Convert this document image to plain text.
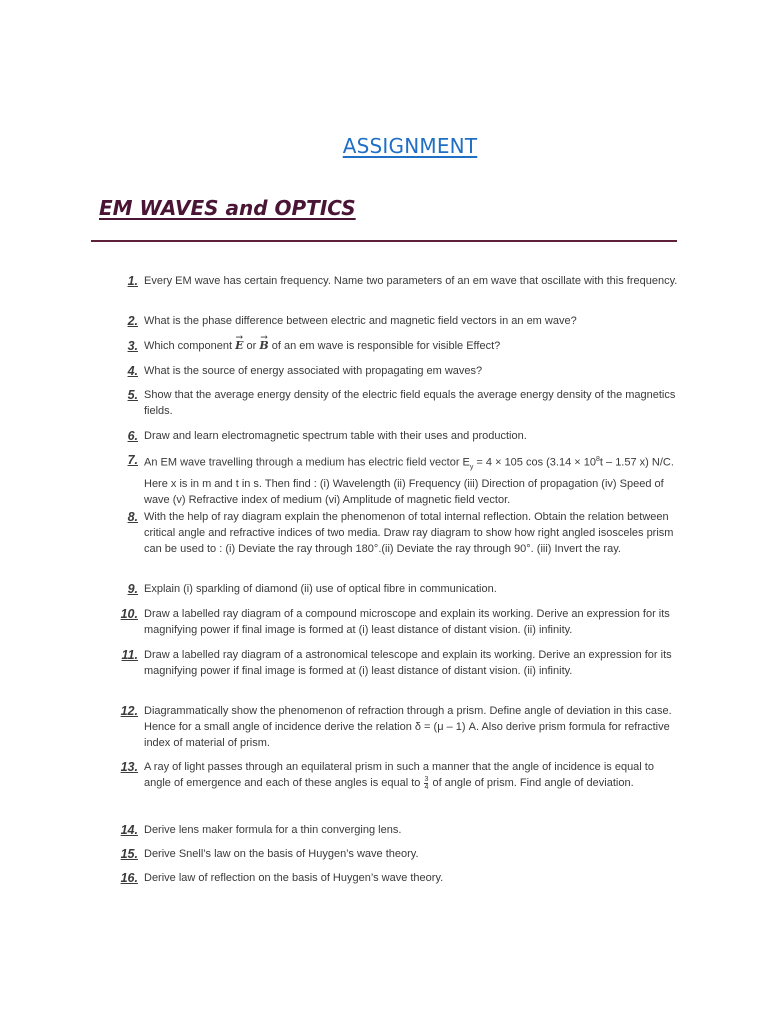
ASSIGNMENT
EM WAVES and OPTICS
1. Every EM wave has certain frequency. Name two parameters of an em wave that oscillate with this frequency.
2. What is the phase difference between electric and magnetic field vectors in an em wave?
3. Which component → E or → B of an em wave is responsible for visible Effect?
4. What is the source of energy associated with propagating em waves?
5. Show that the average energy density of the electric field equals the average energy density of the magnetics fields.
6. Draw and learn electromagnetic spectrum table with their uses and production.
7. An EM wave travelling through a medium has electric field vector $E_y = 4 \times 105$ $\cos (3.14 \times 10^8t - 1.57$ x) N/C. Here x is in m and t in s. Then find : (i) Wavelength (ii) Frequency (iii) Direction of propagation (iv) Speed of wave (v) Refractive index of medium (vi) Amplitude of magnetic field vector.
8. With the help of ray diagram explain the phenomenon of total internal reflection. Obtain the relation between critical angle and refractive indices of two media. Draw ray diagram to show how right angled isosceles prism can be used to : (i) Deviate the ray through 180°.(ii) Deviate the ray through 90°. (iii) Invert the ray.
9. Explain (i) sparkling of diamond (ii) use of optical fibre in communication.
10. Draw a labelled ray diagram of a compound microscope and explain its working. Derive an expression for its magnifying power if final image is formed at (i) least distance of distant vision. (ii) infinity.
11. Draw a labelled ray diagram of a astronomical telescope and explain its working. Derive an expression for its magnifying power if final image is formed at (i) least distance of distant vision. (ii) infinity.
12. Diagrammatically show the phenomenon of refraction through a prism. Define angle of deviation in this case. Hence for a small angle of incidence derive the relation δ = (μ – 1) A. Also derive prism formula for refractive index of material of prism.
13. A ray of light passes through an equilateral prism in such a manner that the angle of incidence is equal to angle of emergence and each of these angles is equal to $\frac{3}{4}$ of angle of prism. Find angle of deviation.
14. Derive lens maker formula for a thin converging lens.
15. Derive Snell’s law on the basis of Huygen’s wave theory.
16. Derive law of reflection on the basis of Huygen’s wave theory.
